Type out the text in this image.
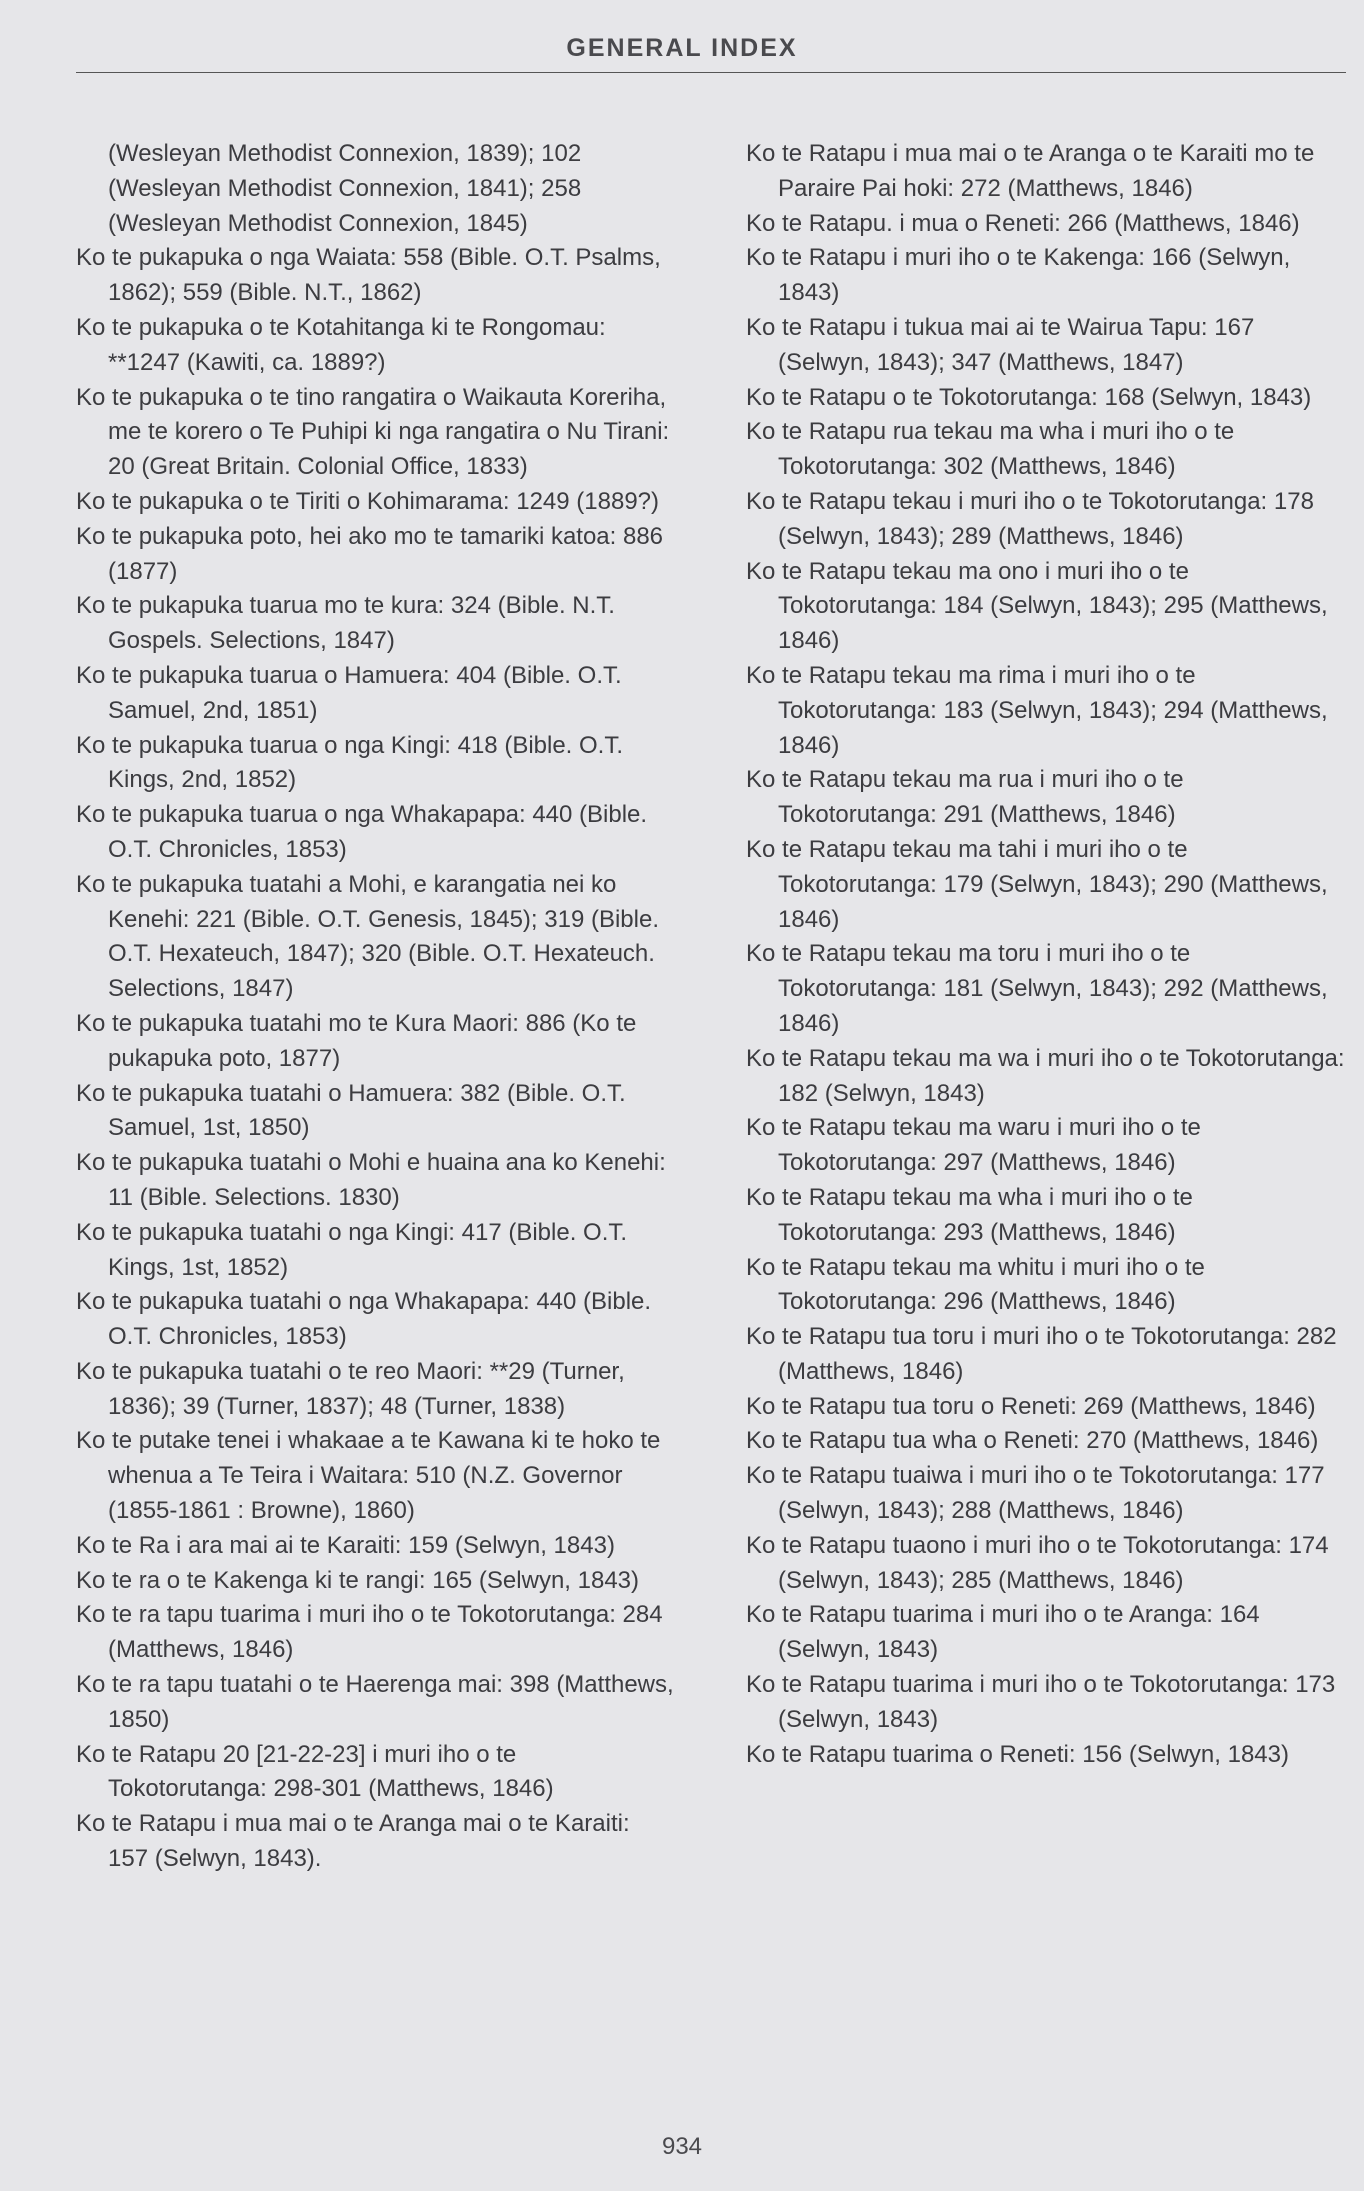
GENERAL INDEX

(Wesleyan Methodist Connexion, 1839); 102

(Wesleyan Methodist Connexion, 1841); 258

(Wesleyan Methodist Connexion, 1845)

Ko te pukapuka o nga Waiata: 558 (Bible. O.T. Psalms, 1862); 559 (Bible. N.T., 1862)

Ko te pukapuka o te Kotahitanga ki te Rongomau: **1247 (Kawiti, ca. 1889?)

Ko te pukapuka o te tino rangatira o Waikauta Koreriha, me te korero o Te Puhipi ki nga rangatira o Nu Tirani: 20 (Great Britain. Colonial Office, 1833)

Ko te pukapuka o te Tiriti o Kohimarama: 1249 (1889?)

Ko te pukapuka poto, hei ako mo te tamariki katoa: 886 (1877)

Ko te pukapuka tuarua mo te kura: 324 (Bible. N.T. Gospels. Selections, 1847)

Ko te pukapuka tuarua o Hamuera: 404 (Bible. O.T. Samuel, 2nd, 1851)

Ko te pukapuka tuarua o nga Kingi: 418 (Bible. O.T. Kings, 2nd, 1852)

Ko te pukapuka tuarua o nga Whakapapa: 440 (Bible. O.T. Chronicles, 1853)

Ko te pukapuka tuatahi a Mohi, e karangatia nei ko Kenehi: 221 (Bible. O.T. Genesis, 1845); 319 (Bible. O.T. Hexateuch, 1847); 320 (Bible. O.T. Hexateuch. Selections, 1847)

Ko te pukapuka tuatahi mo te Kura Maori: 886 (Ko te pukapuka poto, 1877)

Ko te pukapuka tuatahi o Hamuera: 382 (Bible. O.T. Samuel, 1st, 1850)

Ko te pukapuka tuatahi o Mohi e huaina ana ko Kenehi: 11 (Bible. Selections. 1830)

Ko te pukapuka tuatahi o nga Kingi: 417 (Bible. O.T. Kings, 1st, 1852)

Ko te pukapuka tuatahi o nga Whakapapa: 440 (Bible. O.T. Chronicles, 1853)

Ko te pukapuka tuatahi o te reo Maori: **29 (Turner, 1836); 39 (Turner, 1837); 48 (Turner, 1838)

Ko te putake tenei i whakaae a te Kawana ki te hoko te whenua a Te Teira i Waitara: 510 (N.Z. Governor (1855-1861 : Browne), 1860)

Ko te Ra i ara mai ai te Karaiti: 159 (Selwyn, 1843)

Ko te ra o te Kakenga ki te rangi: 165 (Selwyn, 1843)

Ko te ra tapu tuarima i muri iho o te Tokotorutanga: 284 (Matthews, 1846)

Ko te ra tapu tuatahi o te Haerenga mai: 398 (Matthews, 1850)

Ko te Ratapu 20 [21-22-23] i muri iho o te Tokotorutanga: 298-301 (Matthews, 1846)

Ko te Ratapu i mua mai o te Aranga mai o te Karaiti: 157 (Selwyn, 1843).

Ko te Ratapu i mua mai o te Aranga o te Karaiti mo te Paraire Pai hoki: 272 (Matthews, 1846)

Ko te Ratapu. i mua o Reneti: 266 (Matthews, 1846)

Ko te Ratapu i muri iho o te Kakenga: 166 (Selwyn, 1843)

Ko te Ratapu i tukua mai ai te Wairua Tapu: 167 (Selwyn, 1843); 347 (Matthews, 1847)

Ko te Ratapu o te Tokotorutanga: 168 (Selwyn, 1843)

Ko te Ratapu rua tekau ma wha i muri iho o te Tokotorutanga: 302 (Matthews, 1846)

Ko te Ratapu tekau i muri iho o te Tokotorutanga: 178 (Selwyn, 1843); 289 (Matthews, 1846)

Ko te Ratapu tekau ma ono i muri iho o te Tokotorutanga: 184 (Selwyn, 1843); 295 (Matthews, 1846)

Ko te Ratapu tekau ma rima i muri iho o te Tokotorutanga: 183 (Selwyn, 1843); 294 (Matthews, 1846)

Ko te Ratapu tekau ma rua i muri iho o te Tokotorutanga: 291 (Matthews, 1846)

Ko te Ratapu tekau ma tahi i muri iho o te Tokotorutanga: 179 (Selwyn, 1843); 290 (Matthews, 1846)

Ko te Ratapu tekau ma toru i muri iho o te Tokotorutanga: 181 (Selwyn, 1843); 292 (Matthews, 1846)

Ko te Ratapu tekau ma wa i muri iho o te Tokotorutanga: 182 (Selwyn, 1843)

Ko te Ratapu tekau ma waru i muri iho o te Tokotorutanga: 297 (Matthews, 1846)

Ko te Ratapu tekau ma wha i muri iho o te Tokotorutanga: 293 (Matthews, 1846)

Ko te Ratapu tekau ma whitu i muri iho o te Tokotorutanga: 296 (Matthews, 1846)

Ko te Ratapu tua toru i muri iho o te Tokotorutanga: 282 (Matthews, 1846)

Ko te Ratapu tua toru o Reneti: 269 (Matthews, 1846)

Ko te Ratapu tua wha o Reneti: 270 (Matthews, 1846)

Ko te Ratapu tuaiwa i muri iho o te Tokotorutanga: 177 (Selwyn, 1843); 288 (Matthews, 1846)

Ko te Ratapu tuaono i muri iho o te Tokotorutanga: 174 (Selwyn, 1843); 285 (Matthews, 1846)

Ko te Ratapu tuarima i muri iho o te Aranga: 164 (Selwyn, 1843)

Ko te Ratapu tuarima i muri iho o te Tokotorutanga: 173 (Selwyn, 1843)

Ko te Ratapu tuarima o Reneti: 156 (Selwyn, 1843)

934
